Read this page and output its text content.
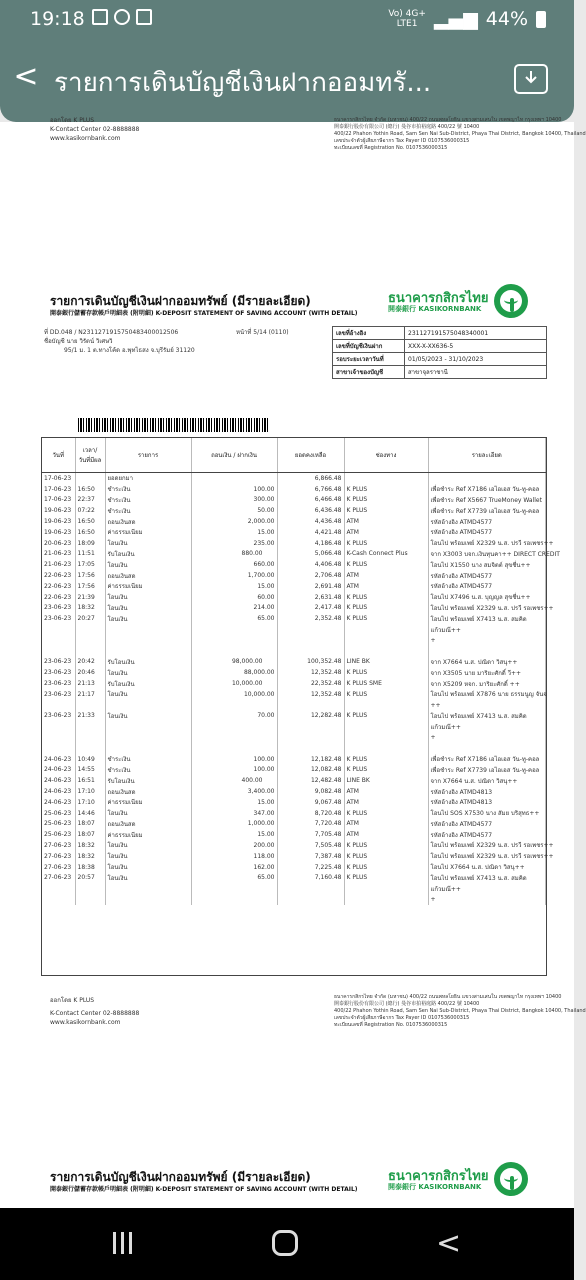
19:18	Vo) 4G+
LTE1 ▂▄▆ 44%
< รายการเดินบัญชีเงินฝากออมทรั...
ออกโดย K PLUS
K-Contact Center 02-8888888
www.kasikornbank.com
ธนาคารกสิกรไทย จำกัด (มหาชน) 400/22 ถนนพหลโยธิน แขวงสามเสนใน เขตพญาไท กรุงเทพฯ 10400
開泰銀行股份有限公司 (總行) 曼谷市拍裕庭路 400/22 號 10400
400/22 Phahon Yothin Road, Sam Sen Nai Sub-District, Phaya Thai District, Bangkok 10400, Thailand
เลขประจำตัวผู้เสียภาษีอากร Tax Payer ID 0107536000315
ทะเบียนเลขที่ Registration No. 0107536000315
รายการเดินบัญชีเงินฝากออมทรัพย์ (มีรายละเอียด)
開泰銀行儲蓄存款帳戶明細表 (附明細) K-DEPOSIT STATEMENT OF SAVING ACCOUNT (WITH DETAIL)
ธนาคารกสิกรไทย
開泰銀行 KASIKORNBANK
ที่ DD.048 / N2311271915750483400012506	หน้าที่ 5/14 (0110)
ชื่อบัญชี นาย วิรัตน์ วิเศษวิ
95/1 ม. 1 ต.ทางโค้ด อ.พุทไธสง จ.บุรีรัมย์ 31120
เลขที่อ้างอิง	231127191575048340001
เลขที่บัญชีเงินฝาก	XXX-X-XX636-5
รอบระยะเวลาวันที่	01/05/2023 - 31/10/2023
สาขาเจ้าของบัญชี	สาขาจุลราชานี
วันที่	เวลา/
วันที่มีผล	รายการ	ถอนเงิน / ฝากเงิน	ยอดคงเหลือ	ช่องทาง	รายละเอียด
17-06-23		ยอดยกมา		6,866.48		
17-06-23	16:50	ชำระเงิน	100.00	6,766.48	K PLUS	เพื่อชำระ Ref X7186 เอไอเอส วัน-ทู-คอล
17-06-23	22:37	ชำระเงิน	300.00	6,466.48	K PLUS	เพื่อชำระ Ref X5667 TrueMoney Wallet
19-06-23	07:22	ชำระเงิน	50.00	6,436.48	K PLUS	เพื่อชำระ Ref X7739 เอไอเอส วัน-ทู-คอล
19-06-23	16:50	ถอนเงินสด	2,000.00	4,436.48	ATM	รหัสอ้างอิง ATMD4577
19-06-23	16:50	ค่าธรรมเนียม	15.00	4,421.48	ATM	รหัสอ้างอิง ATMD4577
20-06-23	18:09	โอนเงิน	235.00	4,186.48	K PLUS	โอนไป พร้อมเพย์ X2329 น.ส. ปรวี รอเพชร++
21-06-23	11:51	รับโอนเงิน	880.00	5,066.48	K-Cash Connect Plus	จาก X3003 บจก.เงินทุนคา++ DIRECT CREDIT
21-06-23	17:05	โอนเงิน	660.00	4,406.48	K PLUS	โอนไป X1550 นาง สมจิตต์ สุขชื่น++
22-06-23	17:56	ถอนเงินสด	1,700.00	2,706.48	ATM	รหัสอ้างอิง ATMD4577
22-06-23	17:56	ค่าธรรมเนียม	15.00	2,691.48	ATM	รหัสอ้างอิง ATMD4577
22-06-23	21:39	โอนเงิน	60.00	2,631.48	K PLUS	โอนไป X7496 น.ส. บุญญล สุขชื่น++
23-06-23	18:32	โอนเงิน	214.00	2,417.48	K PLUS	โอนไป พร้อมเพย์ X2329 น.ส. ปรวี รอเพชร++
23-06-23	20:27	โอนเงิน	65.00	2,352.48	K PLUS	โอนไป พร้อมเพย์ X7413 น.ส. สมคิด
						แก้วมณ๊++
						+

23-06-23	20:42	รับโอนเงิน	98,000.00	100,352.48	LINE BK	จาก X7664 น.ส. ปณิดา วิสนุ++
23-06-23	20:46	โอนเงิน	88,000.00	12,352.48	K PLUS	จาก X3505 นาย มาริยะศักดิ์ วี++
23-06-23	21:13	รับโอนเงิน	10,000.00	22,352.48	K PLUS SME	จาก X5209 หจก. มาริยะศักดิ์ ++
23-06-23	21:17	โอนเงิน	10,000.00	12,352.48	K PLUS	โอนไป พร้อมเพย์ X7876 นาย ธรรมนูญ จันจ
						++
23-06-23	21:33	โอนเงิน	70.00	12,282.48	K PLUS	โอนไป พร้อมเพย์ X7413 น.ส. สมคิด
						แก้วมณ๊++
						+

24-06-23	10:49	ชำระเงิน	100.00	12,182.48	K PLUS	เพื่อชำระ Ref X7186 เอไอเอส วัน-ทู-คอล
24-06-23	14:55	ชำระเงิน	100.00	12,082.48	K PLUS	เพื่อชำระ Ref X7739 เอไอเอส วัน-ทู-คอล
24-06-23	16:51	รับโอนเงิน	400.00	12,482.48	LINE BK	จาก X7664 น.ส. ปณิดา วิสนุ++
24-06-23	17:10	ถอนเงินสด	3,400.00	9,082.48	ATM	รหัสอ้างอิง ATMD4813
24-06-23	17:10	ค่าธรรมเนียม	15.00	9,067.48	ATM	รหัสอ้างอิง ATMD4813
25-06-23	14:46	โอนเงิน	347.00	8,720.48	K PLUS	โอนไป SOS X7530 นาง สัมย บริสุทธ++
25-06-23	18:07	ถอนเงินสด	1,000.00	7,720.48	ATM	รหัสอ้างอิง ATMD4577
25-06-23	18:07	ค่าธรรมเนียม	15.00	7,705.48	ATM	รหัสอ้างอิง ATMD4577
27-06-23	18:32	โอนเงิน	200.00	7,505.48	K PLUS	โอนไป พร้อมเพย์ X2329 น.ส. ปรวี รอเพชร++
27-06-23	18:32	โอนเงิน	118.00	7,387.48	K PLUS	โอนไป พร้อมเพย์ X2329 น.ส. ปรวี รอเพชร++
27-06-23	18:38	โอนเงิน	162.00	7,225.48	K PLUS	โอนไป X7664 น.ส. ปณิดา วิสนุ++
27-06-23	20:57	โอนเงิน	65.00	7,160.48	K PLUS	โอนไป พร้อมเพย์ X7413 น.ส. สมคิด
						แก้วมณ๊++
						+
ออกโดย K PLUS
K-Contact Center 02-8888888
www.kasikornbank.com
ธนาคารกสิกรไทย จำกัด (มหาชน) 400/22 ถนนพหลโยธิน แขวงสามเสนใน เขตพญาไท กรุงเทพฯ 10400
開泰銀行股份有限公司 (總行) 曼谷市拍裕庭路 400/22 號 10400
400/22 Phahon Yothin Road, Sam Sen Nai Sub-District, Phaya Thai District, Bangkok 10400, Thailand
เลขประจำตัวผู้เสียภาษีอากร Tax Payer ID 0107536000315
ทะเบียนเลขที่ Registration No. 0107536000315
รายการเดินบัญชีเงินฝากออมทรัพย์ (มีรายละเอียด)
開泰銀行儲蓄存款帳戶明細表 (附明細) K-DEPOSIT STATEMENT OF SAVING ACCOUNT (WITH DETAIL)
ธนาคารกสิกรไทย
開泰銀行 KASIKORNBANK
<
